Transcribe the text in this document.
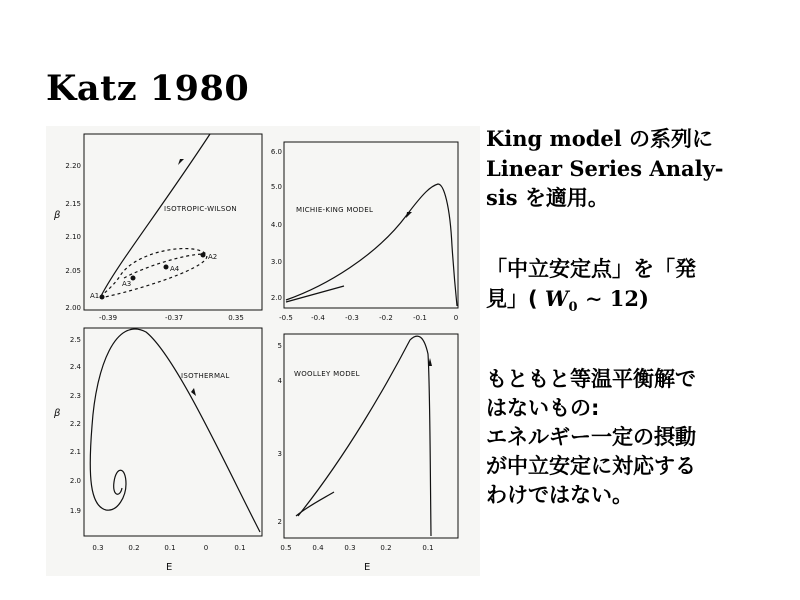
Katz 1980
ISOTROPIC-WILSON	MICHIE-KING MODEL
ISOTHERMAL	WOOLLEY MODEL
A1
A3
A4
A2
β
β
2.20
2.15
2.10
2.05
2.00
-0.39	-0.37	0.35
6.0
5.0
4.0
3.0
2.0
-0.5	-0.4	-0.3	-0.2	-0.1	0
2.5
2.4
2.3
2.2
2.1
2.0
1.9
0.3	0.2	0.1	0	0.1
E
5
4
3
2
0.5	0.4	0.3	0.2	0.1
E

King model の系列に

Linear Series Analy-

sis を適用。

「中立安定点」を「発

見」( $W_0$ ∼ 12)

もともと等温平衡解で

はないもの:

エネルギー一定の摂動

が中立安定に対応する

わけではない。
